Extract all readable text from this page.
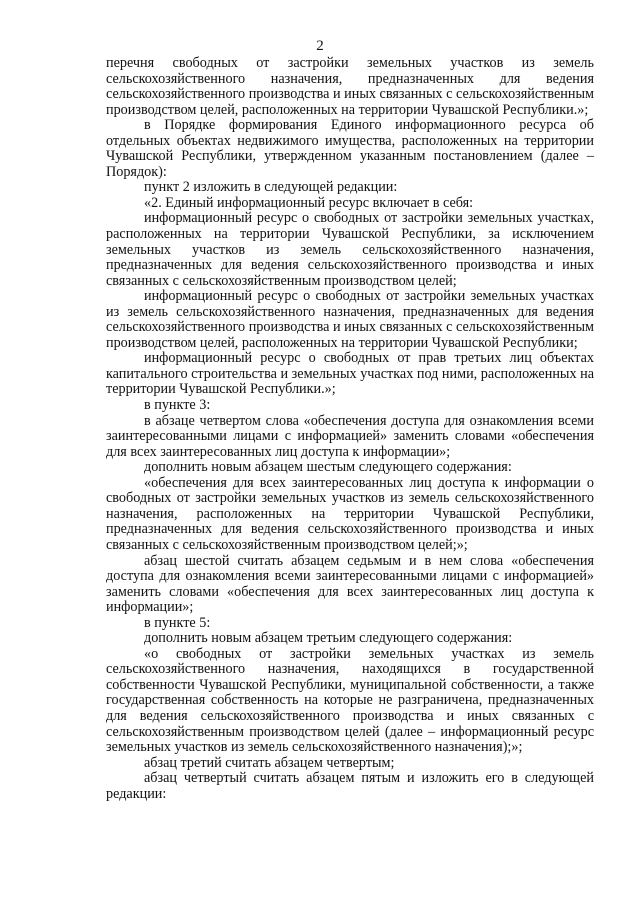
2

перечня свободных от застройки земельных участков из земель сельскохозяйственного назначения, предназначенных для ведения сельскохозяйственного производства и иных связанных с сельскохозяйственным производством целей, расположенных на территории Чувашской Республики.»;

в Порядке формирования Единого информационного ресурса об отдельных объектах недвижимого имущества, расположенных на территории Чувашской Республики, утвержденном указанным постановлением (далее – Порядок):

пункт 2 изложить в следующей редакции:

«2. Единый информационный ресурс включает в себя:

информационный ресурс о свободных от застройки земельных участках, расположенных на территории Чувашской Республики, за исключением земельных участков из земель сельскохозяйственного назначения, предназначенных для ведения сельскохозяйственного производства и иных связанных с сельскохозяйственным производством целей;

информационный ресурс о свободных от застройки земельных участках из земель сельскохозяйственного назначения, предназначенных для ведения сельскохозяйственного производства и иных связанных с сельскохозяйственным производством целей, расположенных на территории Чувашской Республики;

информационный ресурс о свободных от прав третьих лиц объектах капитального строительства и земельных участках под ними, расположенных на территории Чувашской Республики.»;

в пункте 3:

в абзаце четвертом слова «обеспечения доступа для ознакомления всеми заинтересованными лицами с информацией» заменить словами «обеспечения для всех заинтересованных лиц доступа к информации»;

дополнить новым абзацем шестым следующего содержания:

«обеспечения для всех заинтересованных лиц доступа к информации о свободных от застройки земельных участков из земель сельскохозяйственного назначения, расположенных на территории Чувашской Республики, предназначенных для ведения сельскохозяйственного производства и иных связанных с сельскохозяйственным производством целей;»;

абзац шестой считать абзацем седьмым и в нем слова «обеспечения доступа для ознакомления всеми заинтересованными лицами с информацией» заменить словами «обеспечения для всех заинтересованных лиц доступа к информации»;

в пункте 5:

дополнить новым абзацем третьим следующего содержания:

«о свободных от застройки земельных участках из земель сельскохозяйственного назначения, находящихся в государственной собственности Чувашской Республики, муниципальной собственности, а также государственная собственность на которые не разграничена, предназначенных для ведения сельскохозяйственного производства и иных связанных с сельскохозяйственным производством целей (далее – информационный ресурс земельных участков из земель сельскохозяйственного назначения);»;

абзац третий считать абзацем четвертым;

абзац четвертый считать абзацем пятым и изложить его в следующей редакции:
